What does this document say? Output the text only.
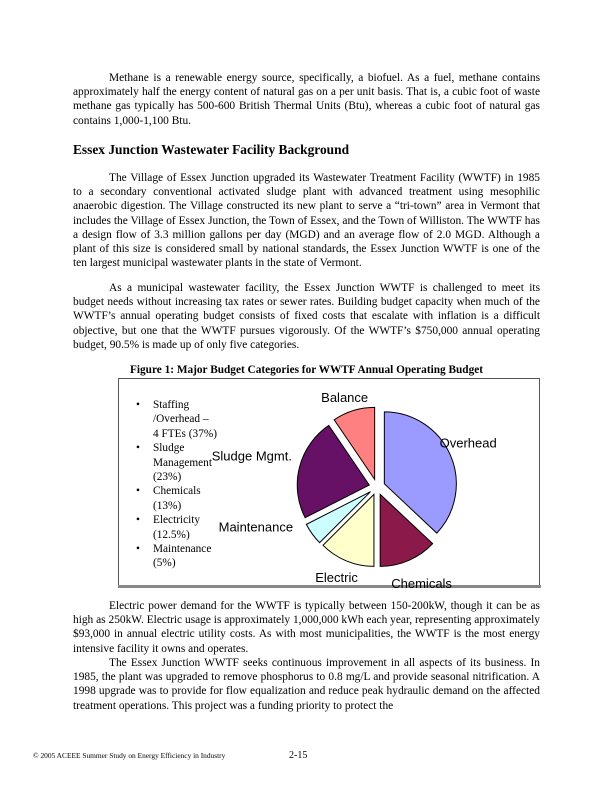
Methane is a renewable energy source, specifically, a biofuel. As a fuel, methane contains approximately half the energy content of natural gas on a per unit basis. That is, a cubic foot of waste methane gas typically has 500-600 British Thermal Units (Btu), whereas a cubic foot of natural gas contains 1,000-1,100 Btu.

Essex Junction Wastewater Facility Background

The Village of Essex Junction upgraded its Wastewater Treatment Facility (WWTF) in 1985 to a secondary conventional activated sludge plant with advanced treatment using mesophilic anaerobic digestion. The Village constructed its new plant to serve a “tri-town” area in Vermont that includes the Village of Essex Junction, the Town of Essex, and the Town of Williston. The WWTF has a design flow of 3.3 million gallons per day (MGD) and an average flow of 2.0 MGD. Although a plant of this size is considered small by national standards, the Essex Junction WWTF is one of the ten largest municipal wastewater plants in the state of Vermont.

As a municipal wastewater facility, the Essex Junction WWTF is challenged to meet its budget needs without increasing tax rates or sewer rates. Building budget capacity when much of the WWTF’s annual operating budget consists of fixed costs that escalate with inflation is a difficult objective, but one that the WWTF pursues vigorously. Of the WWTF’s $750,000 annual operating budget, 90.5% is made up of only five categories.

Figure 1: Major Budget Categories for WWTF Annual Operating Budget
• Staffing
/Overhead –
4 FTEs (37%)
• Sludge
Management
(23%)
• Chemicals
(13%)
• Electricity
(12.5%)
• Maintenance
(5%)
Overhead
Chemicals
Electric
Maintenance
Sludge Mgmt.
Balance

Electric power demand for the WWTF is typically between 150-200kW, though it can be as high as 250kW. Electric usage is approximately 1,000,000 kWh each year, representing approximately $93,000 in annual electric utility costs. As with most municipalities, the WWTF is the most energy intensive facility it owns and operates.

The Essex Junction WWTF seeks continuous improvement in all aspects of its business. In 1985, the plant was upgraded to remove phosphorus to 0.8 mg/L and provide seasonal nitrification. A 1998 upgrade was to provide for flow equalization and reduce peak hydraulic demand on the affected treatment operations. This project was a funding priority to protect the

© 2005 ACEEE Summer Study on Energy Efficiency in Industry	2-15
